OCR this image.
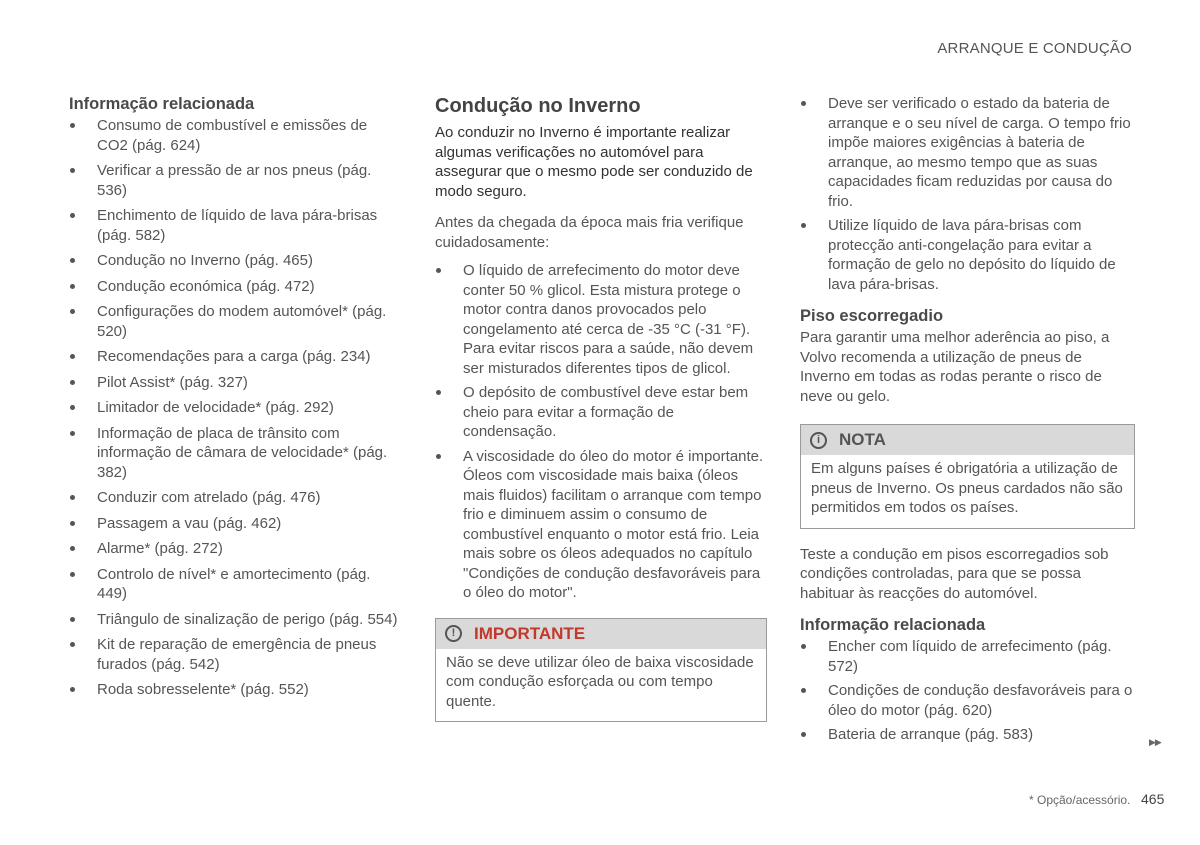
ARRANQUE E CONDUÇÃO
Informação relacionada
Consumo de combustível e emissões de CO2 (pág. 624)
Verificar a pressão de ar nos pneus (pág. 536)
Enchimento de líquido de lava pára-brisas (pág. 582)
Condução no Inverno (pág. 465)
Condução económica (pág. 472)
Configurações do modem automóvel* (pág. 520)
Recomendações para a carga (pág. 234)
Pilot Assist* (pág. 327)
Limitador de velocidade* (pág. 292)
Informação de placa de trânsito com informação de câmara de velocidade* (pág. 382)
Conduzir com atrelado (pág. 476)
Passagem a vau (pág. 462)
Alarme* (pág. 272)
Controlo de nível* e amortecimento (pág. 449)
Triângulo de sinalização de perigo (pág. 554)
Kit de reparação de emergência de pneus furados (pág. 542)
Roda sobresselente* (pág. 552)
Condução no Inverno

Ao conduzir no Inverno é importante realizar algumas verificações no automóvel para assegurar que o mesmo pode ser conduzido de modo seguro.

Antes da chegada da época mais fria verifique cuidadosamente:

O líquido de arrefecimento do motor deve conter 50 % glicol. Esta mistura protege o motor contra danos provocados pelo congelamento até cerca de -35 °C (-31 °F). Para evitar riscos para a saúde, não devem ser misturados diferentes tipos de glicol.
O depósito de combustível deve estar bem cheio para evitar a formação de condensação.
A viscosidade do óleo do motor é importante. Óleos com viscosidade mais baixa (óleos mais fluidos) facilitam o arranque com tempo frio e diminuem assim o consumo de combustível enquanto o motor está frio. Leia mais sobre os óleos adequados no capítulo "Condições de condução desfavoráveis para o óleo do motor".
!	IMPORTANTE
Não se deve utilizar óleo de baixa viscosidade com condução esforçada ou com tempo quente.
Deve ser verificado o estado da bateria de arranque e o seu nível de carga. O tempo frio impõe maiores exigências à bateria de arranque, ao mesmo tempo que as suas capacidades ficam reduzidas por causa do frio.
Utilize líquido de lava pára-brisas com protecção anti-congelação para evitar a formação de gelo no depósito do líquido de lava pára-brisas.
Piso escorregadio

Para garantir uma melhor aderência ao piso, a Volvo recomenda a utilização de pneus de Inverno em todas as rodas perante o risco de neve ou gelo.

i	NOTA
Em alguns países é obrigatória a utilização de pneus de Inverno. Os pneus cardados não são permitidos em todos os países.

Teste a condução em pisos escorregadios sob condições controladas, para que se possa habituar às reacções do automóvel.

Informação relacionada
Encher com líquido de arrefecimento (pág. 572)
Condições de condução desfavoráveis para o óleo do motor (pág. 620)
Bateria de arranque (pág. 583)	▶▶
* Opção/acessório. 465
